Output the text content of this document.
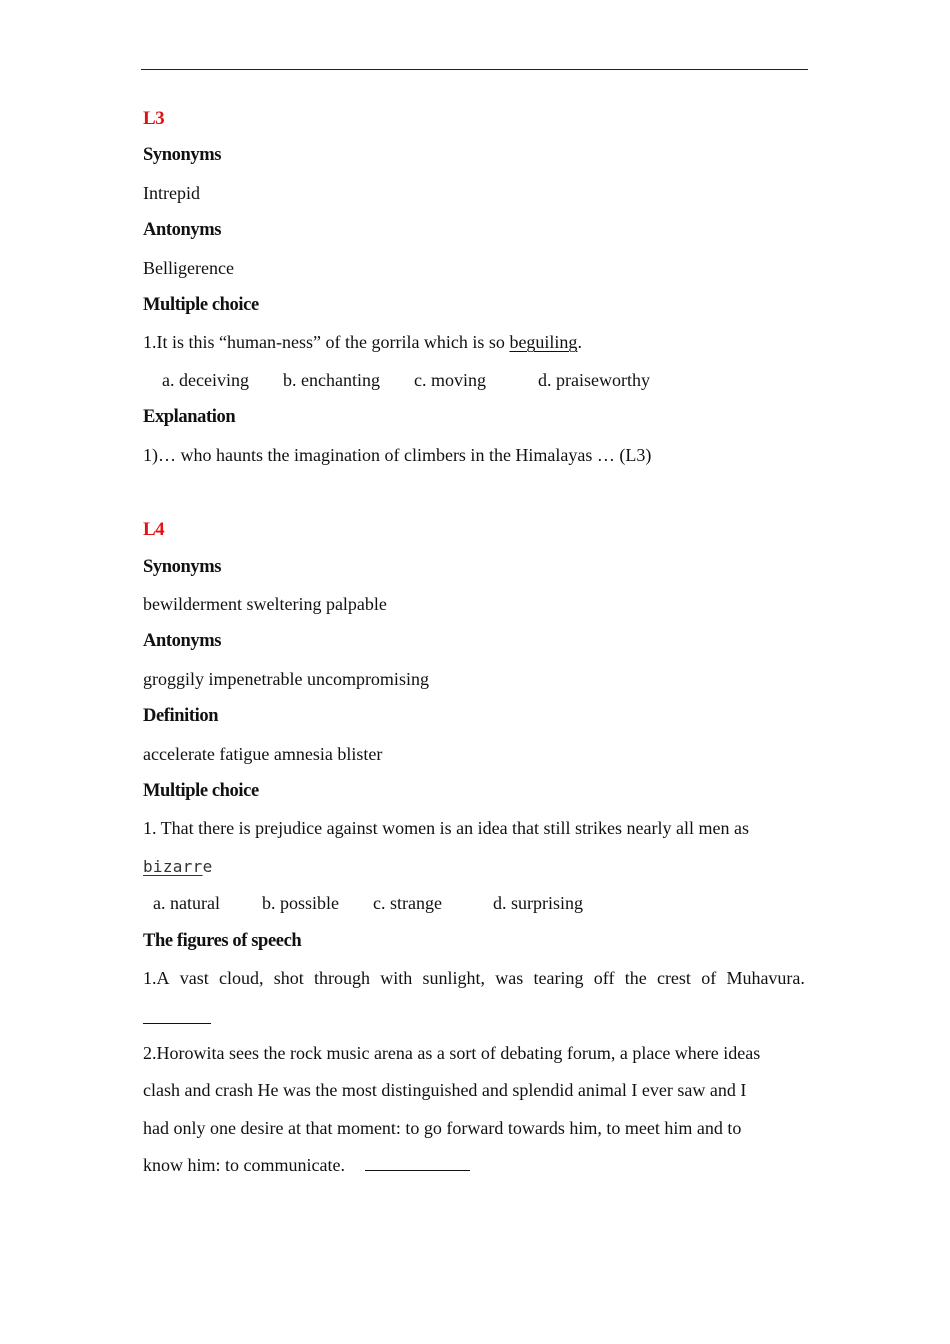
L3
Synonyms
Intrepid
Antonyms
Belligerence
Multiple choice
1.It is this “human-ness” of the gorrila which is so beguiling.
a. deceiving	b. enchanting	c. moving	d. praiseworthy
Explanation
1)… who haunts the imagination of climbers in the Himalayas … (L3)
L4
Synonyms
bewilderment sweltering palpable
Antonyms
groggily impenetrable uncompromising
Definition
accelerate fatigue amnesia blister
Multiple choice
1. That there is prejudice against women is an idea that still strikes nearly all men as
bizarre
a. natural	b. possible	c. strange	d. surprising
The figures of speech
1.A vast cloud, shot through with sunlight, was tearing off the crest of Muhavura.
2.Horowita sees the rock music arena as a sort of debating forum, a place where ideas
clash and crash He was the most distinguished and splendid animal I ever saw and I
had only one desire at that moment: to go forward towards him, to meet him and to
know him: to communicate.
